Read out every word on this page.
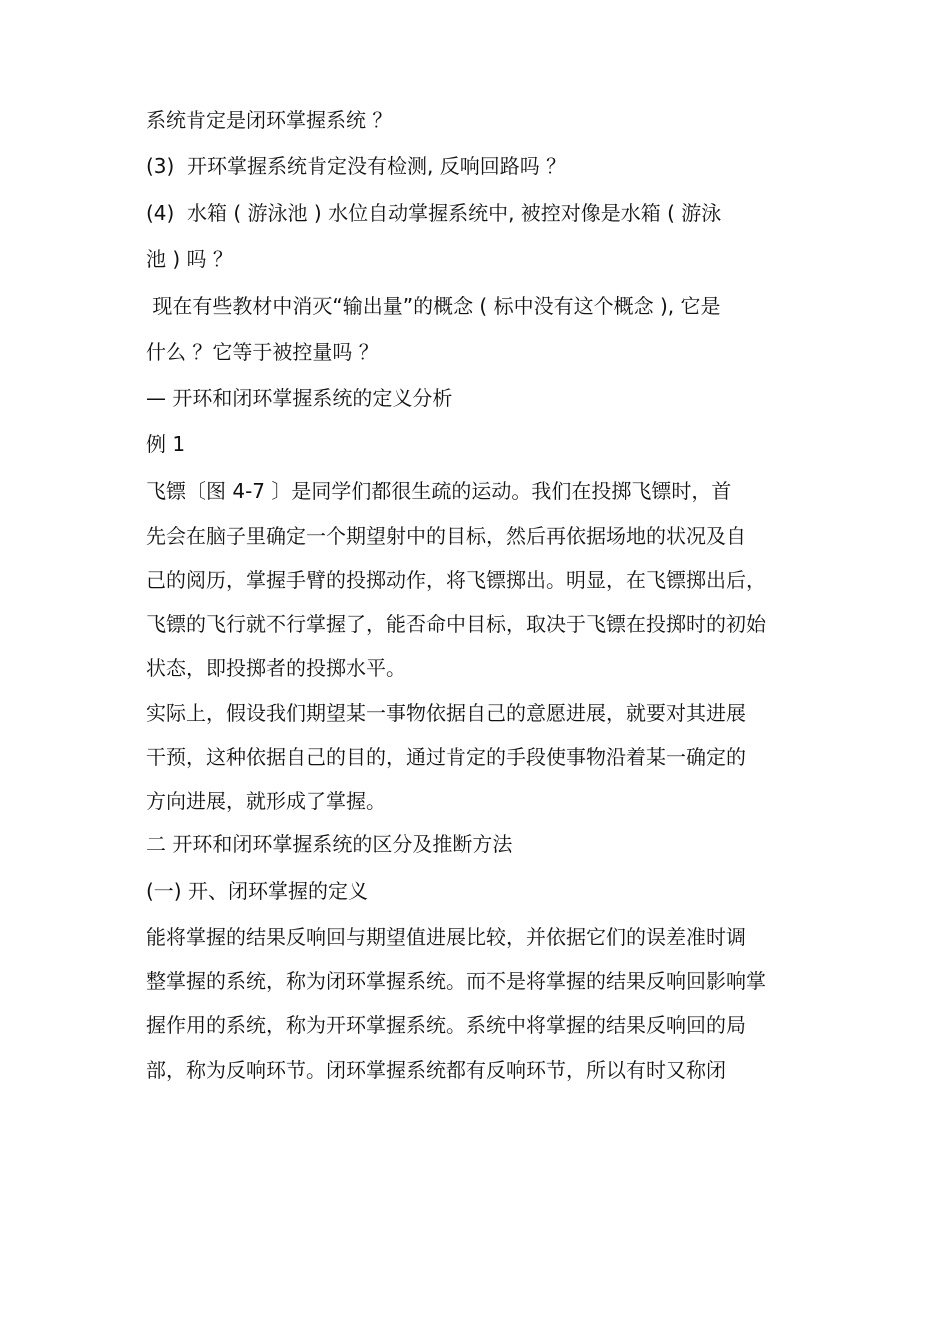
系统肯定是闭环掌握系统 ？

(3)  开环掌握系统肯定没有检测, 反响回路吗 ？

(4)  水箱 ( 游泳池 ) 水位自动掌握系统中, 被控对像是水箱 ( 游泳

池 ) 吗 ？

现在有些教材中消灭“输出量”的概念 ( 标中没有这个概念 ), 它是

什么 ？它等于被控量吗 ？

— 开环和闭环掌握系统的定义分析

例 1

飞镖〔图 4-7 〕是同学们都很生疏的运动。我们在投掷飞镖时，首

先会在脑子里确定一个期望射中的目标，然后再依据场地的状况及自

己的阅历，掌握手臂的投掷动作，将飞镖掷出。明显，在飞镖掷出后，

飞镖的飞行就不行掌握了，能否命中目标，取决于飞镖在投掷时的初始

状态，即投掷者的投掷水平。

实际上，假设我们期望某一事物依据自己的意愿进展，就要对其进展

干预，这种依据自己的目的，通过肯定的手段使事物沿着某一确定的

方向进展，就形成了掌握。

二 开环和闭环掌握系统的区分及推断方法

(一) 开、闭环掌握的定义

能将掌握的结果反响回与期望值进展比较，并依据它们的误差准时调

整掌握的系统，称为闭环掌握系统。而不是将掌握的结果反响回影响掌

握作用的系统，称为开环掌握系统。系统中将掌握的结果反响回的局

部，称为反响环节。闭环掌握系统都有反响环节，所以有时又称闭
